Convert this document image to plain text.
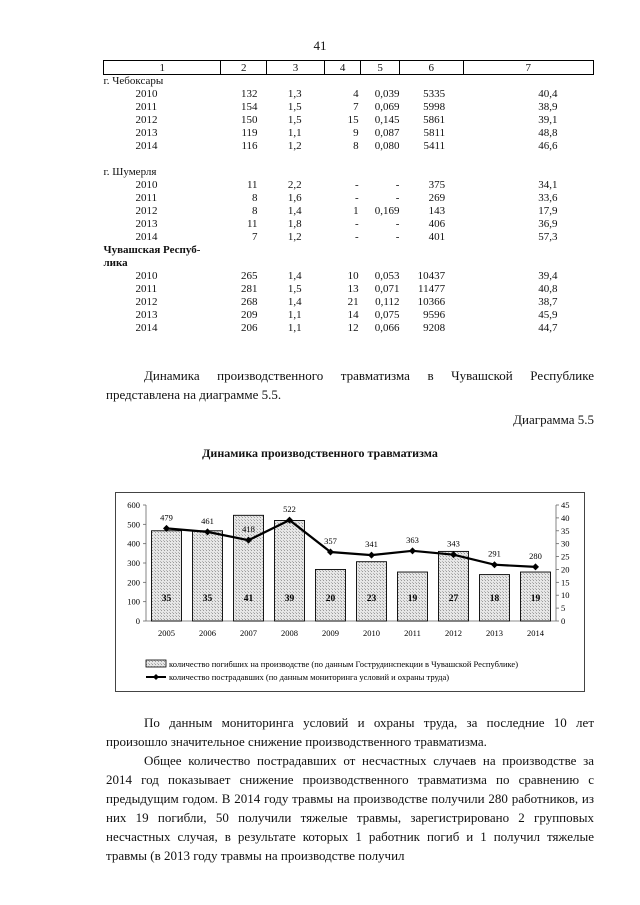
41
1	2	3	4	5	6	7
г. Чебоксары						
2010	132	1,3	4	0,039	5335	40,4
2011	154	1,5	7	0,069	5998	38,9
2012	150	1,5	15	0,145	5861	39,1
2013	119	1,1	9	0,087	5811	48,8
2014	116	1,2	8	0,080	5411	46,6

г. Шумерля						
2010	11	2,2	-	-	375	34,1
2011	8	1,6	-	-	269	33,6
2012	8	1,4	1	0,169	143	17,9
2013	11	1,8	-	-	406	36,9
2014	7	1,2	-	-	401	57,3
Чувашская Респуб-						
лика						
2010	265	1,4	10	0,053	10437	39,4
2011	281	1,5	13	0,071	11477	40,8
2012	268	1,4	21	0,112	10366	38,7
2013	209	1,1	14	0,075	9596	45,9
2014	206	1,1	12	0,066	9208	44,7
Динамика производственного травматизма в Чувашской Республике представлена на диаграмме 5.5.
Диаграмма 5.5
Динамика производственного травматизма
0
100
200
300
400
500
600
0
5
10
15
20
25
30
35
40
45
35	35	41	39	20	23	19	27	18	19
479	461
418
522
357	341	363	343
291	280
2005	2006	2007	2008	2009	2010	2011	2012	2013	2014
количество погибших на производстве (по данным Гострудинспекции в Чувашской Республике)
количество пострадавших (по данным мониторинга условий и охраны труда)
По данным мониторинга условий и охраны труда, за последние 10 лет произошло значительное снижение производственного травматизма.
Общее количество пострадавших от несчастных случаев на производстве за 2014 год показывает снижение производственного травматизма по сравнению с предыдущим годом. В 2014 году травмы на производстве получили 280 работников, из них 19 погибли, 50 получили тяжелые травмы, зарегистрировано 2 групповых несчастных случая, в результате которых 1 работник погиб и 1 получил тяжелые травмы (в 2013 году травмы на производстве получил
